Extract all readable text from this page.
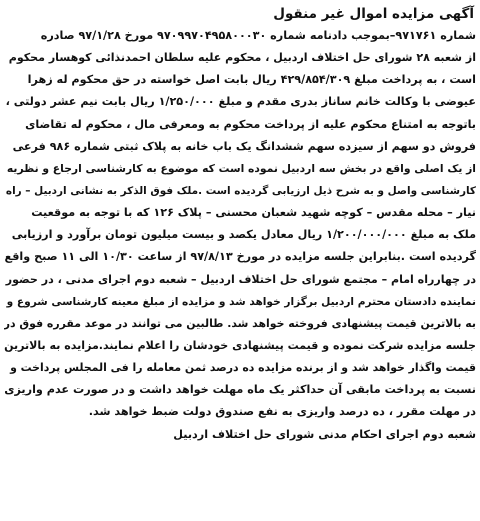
آگهی مزایده اموال غیر منقول
شماره ۹۷۱۷۶۱–بموجب دادنامه شماره ۹۷۰۹۹۷۰۴۹۵۸۰۰۰۳۰ مورخ ۹۷/۱/۲۸ صادره
از شعبه ۲۸ شورای حل اختلاف اردبیل ، محکوم علیه سلطان احمدنذائی کوهسار محکوم
است ، به پرداخت مبلغ ۴۲۹/۸۵۴/۳۰۹ ریال بابت اصل خواسته در حق محکوم له زهرا
عیوضی با وکالت خانم ساناز بدری مقدم و مبلغ ۱/۲۵۰/۰۰۰ ریال بابت نیم عشر دولتی ،
باتوجه به امتناع محکوم علیه از پرداخت محکوم به ومعرفی مال ، محکوم له تقاضای
فروش دو سهم از سیزده سهم ششدانگ یک باب خانه به پلاک ثبتی شماره ۹۸۶ فرعی
از یک اصلی واقع در بخش سه اردبیل نموده است که موضوع به کارشناسی ارجاع و نظریه
کارشناسی واصل و به شرح ذیل ارزیابی گردیده است .ملک فوق الذکر به نشانی اردبیل – راه
نیار – محله مقدس – کوچه شهید شعبان محسنی – پلاک ۱۲۶ که با توجه به موقعیت
ملک به مبلغ ۱/۲۰۰/۰۰۰/۰۰۰ ریال معادل یکصد و بیست میلیون تومان برآورد و ارزیابی
گردیده است .بنابراین جلسه مزایده در مورخ ۹۷/۸/۱۳ از ساعت ۱۰/۳۰ الی ۱۱ صبح واقع
در چهارراه امام – مجتمع شورای حل اختلاف اردبیل – شعبه دوم اجرای مدنی ، در حضور
نماینده دادستان محترم اردبیل برگزار خواهد شد و مزایده از مبلغ معینه کارشناسی شروع و
به بالاترین قیمت پیشنهادی فروخته خواهد شد. طالبین می توانند در موعد مقرره فوق در
جلسه مزایده شرکت نموده و قیمت پیشنهادی خودشان را اعلام نمایند.مزایده به بالاترین
قیمت واگذار خواهد شد و از برنده مزایده ده درصد ثمن معامله را فی المجلس پرداخت و
نسبت به پرداخت مابقی آن حداکثر یک ماه مهلت خواهد داشت و در صورت عدم واریزی
در مهلت مقرر ، ده درصد واریزی به نفع صندوق دولت ضبط خواهد شد.
شعبه دوم اجرای احکام مدنی شورای حل اختلاف اردبیل
